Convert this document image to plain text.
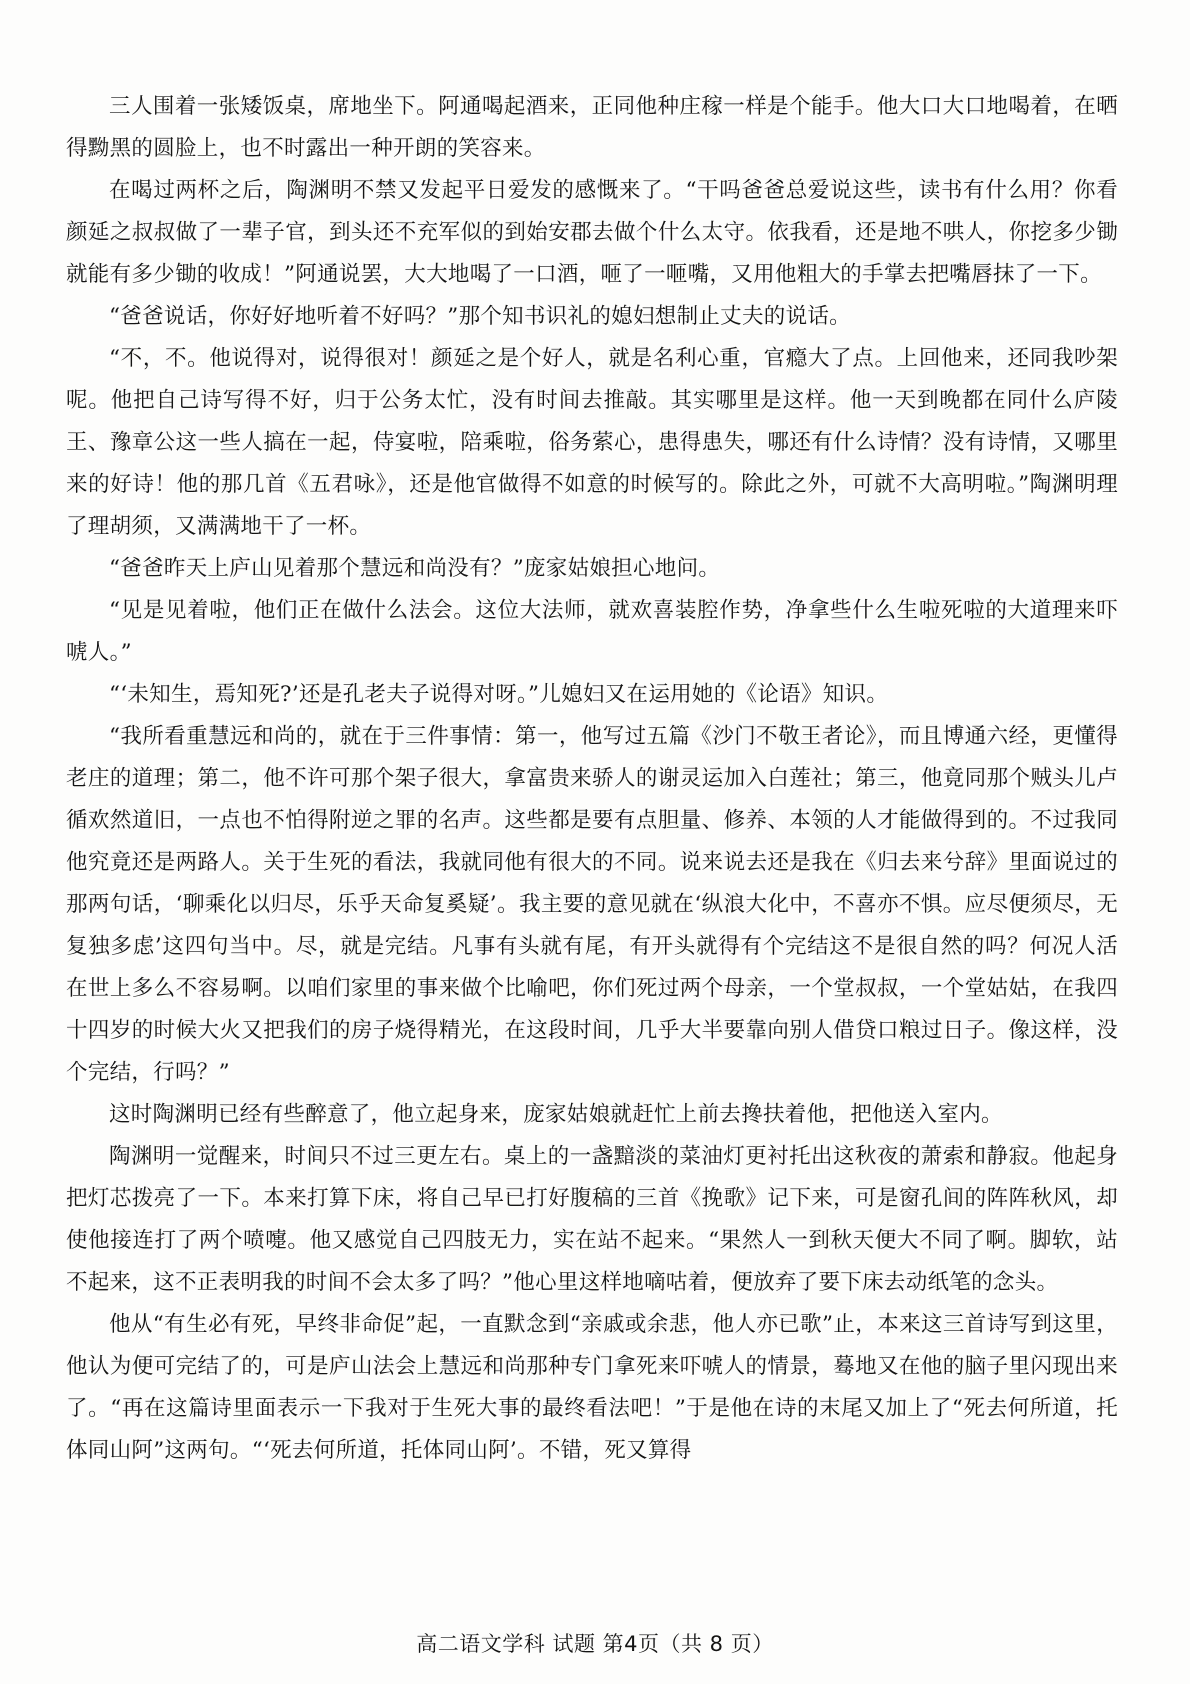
三人围着一张矮饭桌，席地坐下。阿通喝起酒来，正同他种庄稼一样是个能手。他大口大口地喝着，在晒得黝黑的圆脸上，也不时露出一种开朗的笑容来。

在喝过两杯之后，陶渊明不禁又发起平日爱发的感慨来了。“干吗爸爸总爱说这些，读书有什么用？你看颜延之叔叔做了一辈子官，到头还不充军似的到始安郡去做个什么太守。依我看，还是地不哄人，你挖多少锄就能有多少锄的收成！”阿通说罢，大大地喝了一口酒，咂了一咂嘴，又用他粗大的手掌去把嘴唇抹了一下。

“爸爸说话，你好好地听着不好吗？”那个知书识礼的媳妇想制止丈夫的说话。

“不，不。他说得对，说得很对！颜延之是个好人，就是名利心重，官瘾大了点。上回他来，还同我吵架呢。他把自己诗写得不好，归于公务太忙，没有时间去推敲。其实哪里是这样。他一天到晚都在同什么庐陵王、豫章公这一些人搞在一起，侍宴啦，陪乘啦，俗务萦心，患得患失，哪还有什么诗情？没有诗情，又哪里来的好诗！他的那几首《五君咏》，还是他官做得不如意的时候写的。除此之外，可就不大高明啦。”陶渊明理了理胡须，又满满地干了一杯。

“爸爸昨天上庐山见着那个慧远和尚没有？”庞家姑娘担心地问。

“见是见着啦，他们正在做什么法会。这位大法师，就欢喜装腔作势，净拿些什么生啦死啦的大道理来吓唬人。”

“‘未知生，焉知死?’还是孔老夫子说得对呀。”儿媳妇又在运用她的《论语》知识。

“我所看重慧远和尚的，就在于三件事情：第一，他写过五篇《沙门不敬王者论》，而且博通六经，更懂得老庄的道理；第二，他不许可那个架子很大，拿富贵来骄人的谢灵运加入白莲社；第三，他竟同那个贼头儿卢循欢然道旧，一点也不怕得附逆之罪的名声。这些都是要有点胆量、修养、本领的人才能做得到的。不过我同他究竟还是两路人。关于生死的看法，我就同他有很大的不同。说来说去还是我在《归去来兮辞》里面说过的那两句话，‘聊乘化以归尽，乐乎天命复奚疑’。我主要的意见就在‘纵浪大化中，不喜亦不惧。应尽便须尽，无复独多虑’这四句当中。尽，就是完结。凡事有头就有尾，有开头就得有个完结这不是很自然的吗？何况人活在世上多么不容易啊。以咱们家里的事来做个比喻吧，你们死过两个母亲，一个堂叔叔，一个堂姑姑，在我四十四岁的时候大火又把我们的房子烧得精光，在这段时间，几乎大半要靠向别人借贷口粮过日子。像这样，没个完结，行吗？”

这时陶渊明已经有些醉意了，他立起身来，庞家姑娘就赶忙上前去搀扶着他，把他送入室内。

陶渊明一觉醒来，时间只不过三更左右。桌上的一盏黯淡的菜油灯更衬托出这秋夜的萧索和静寂。他起身把灯芯拨亮了一下。本来打算下床，将自己早已打好腹稿的三首《挽歌》记下来，可是窗孔间的阵阵秋风，却使他接连打了两个喷嚏。他又感觉自己四肢无力，实在站不起来。“果然人一到秋天便大不同了啊。脚软，站不起来，这不正表明我的时间不会太多了吗？”他心里这样地嘀咕着，便放弃了要下床去动纸笔的念头。

他从“有生必有死，早终非命促”起，一直默念到“亲戚或余悲，他人亦已歌”止，本来这三首诗写到这里，他认为便可完结了的，可是庐山法会上慧远和尚那种专门拿死来吓唬人的情景，蓦地又在他的脑子里闪现出来了。“再在这篇诗里面表示一下我对于生死大事的最终看法吧！”于是他在诗的末尾又加上了“死去何所道，托体同山阿”这两句。“‘死去何所道，托体同山阿’。不错，死又算得

高二语文学科 试题 第4页（共 8 页）
